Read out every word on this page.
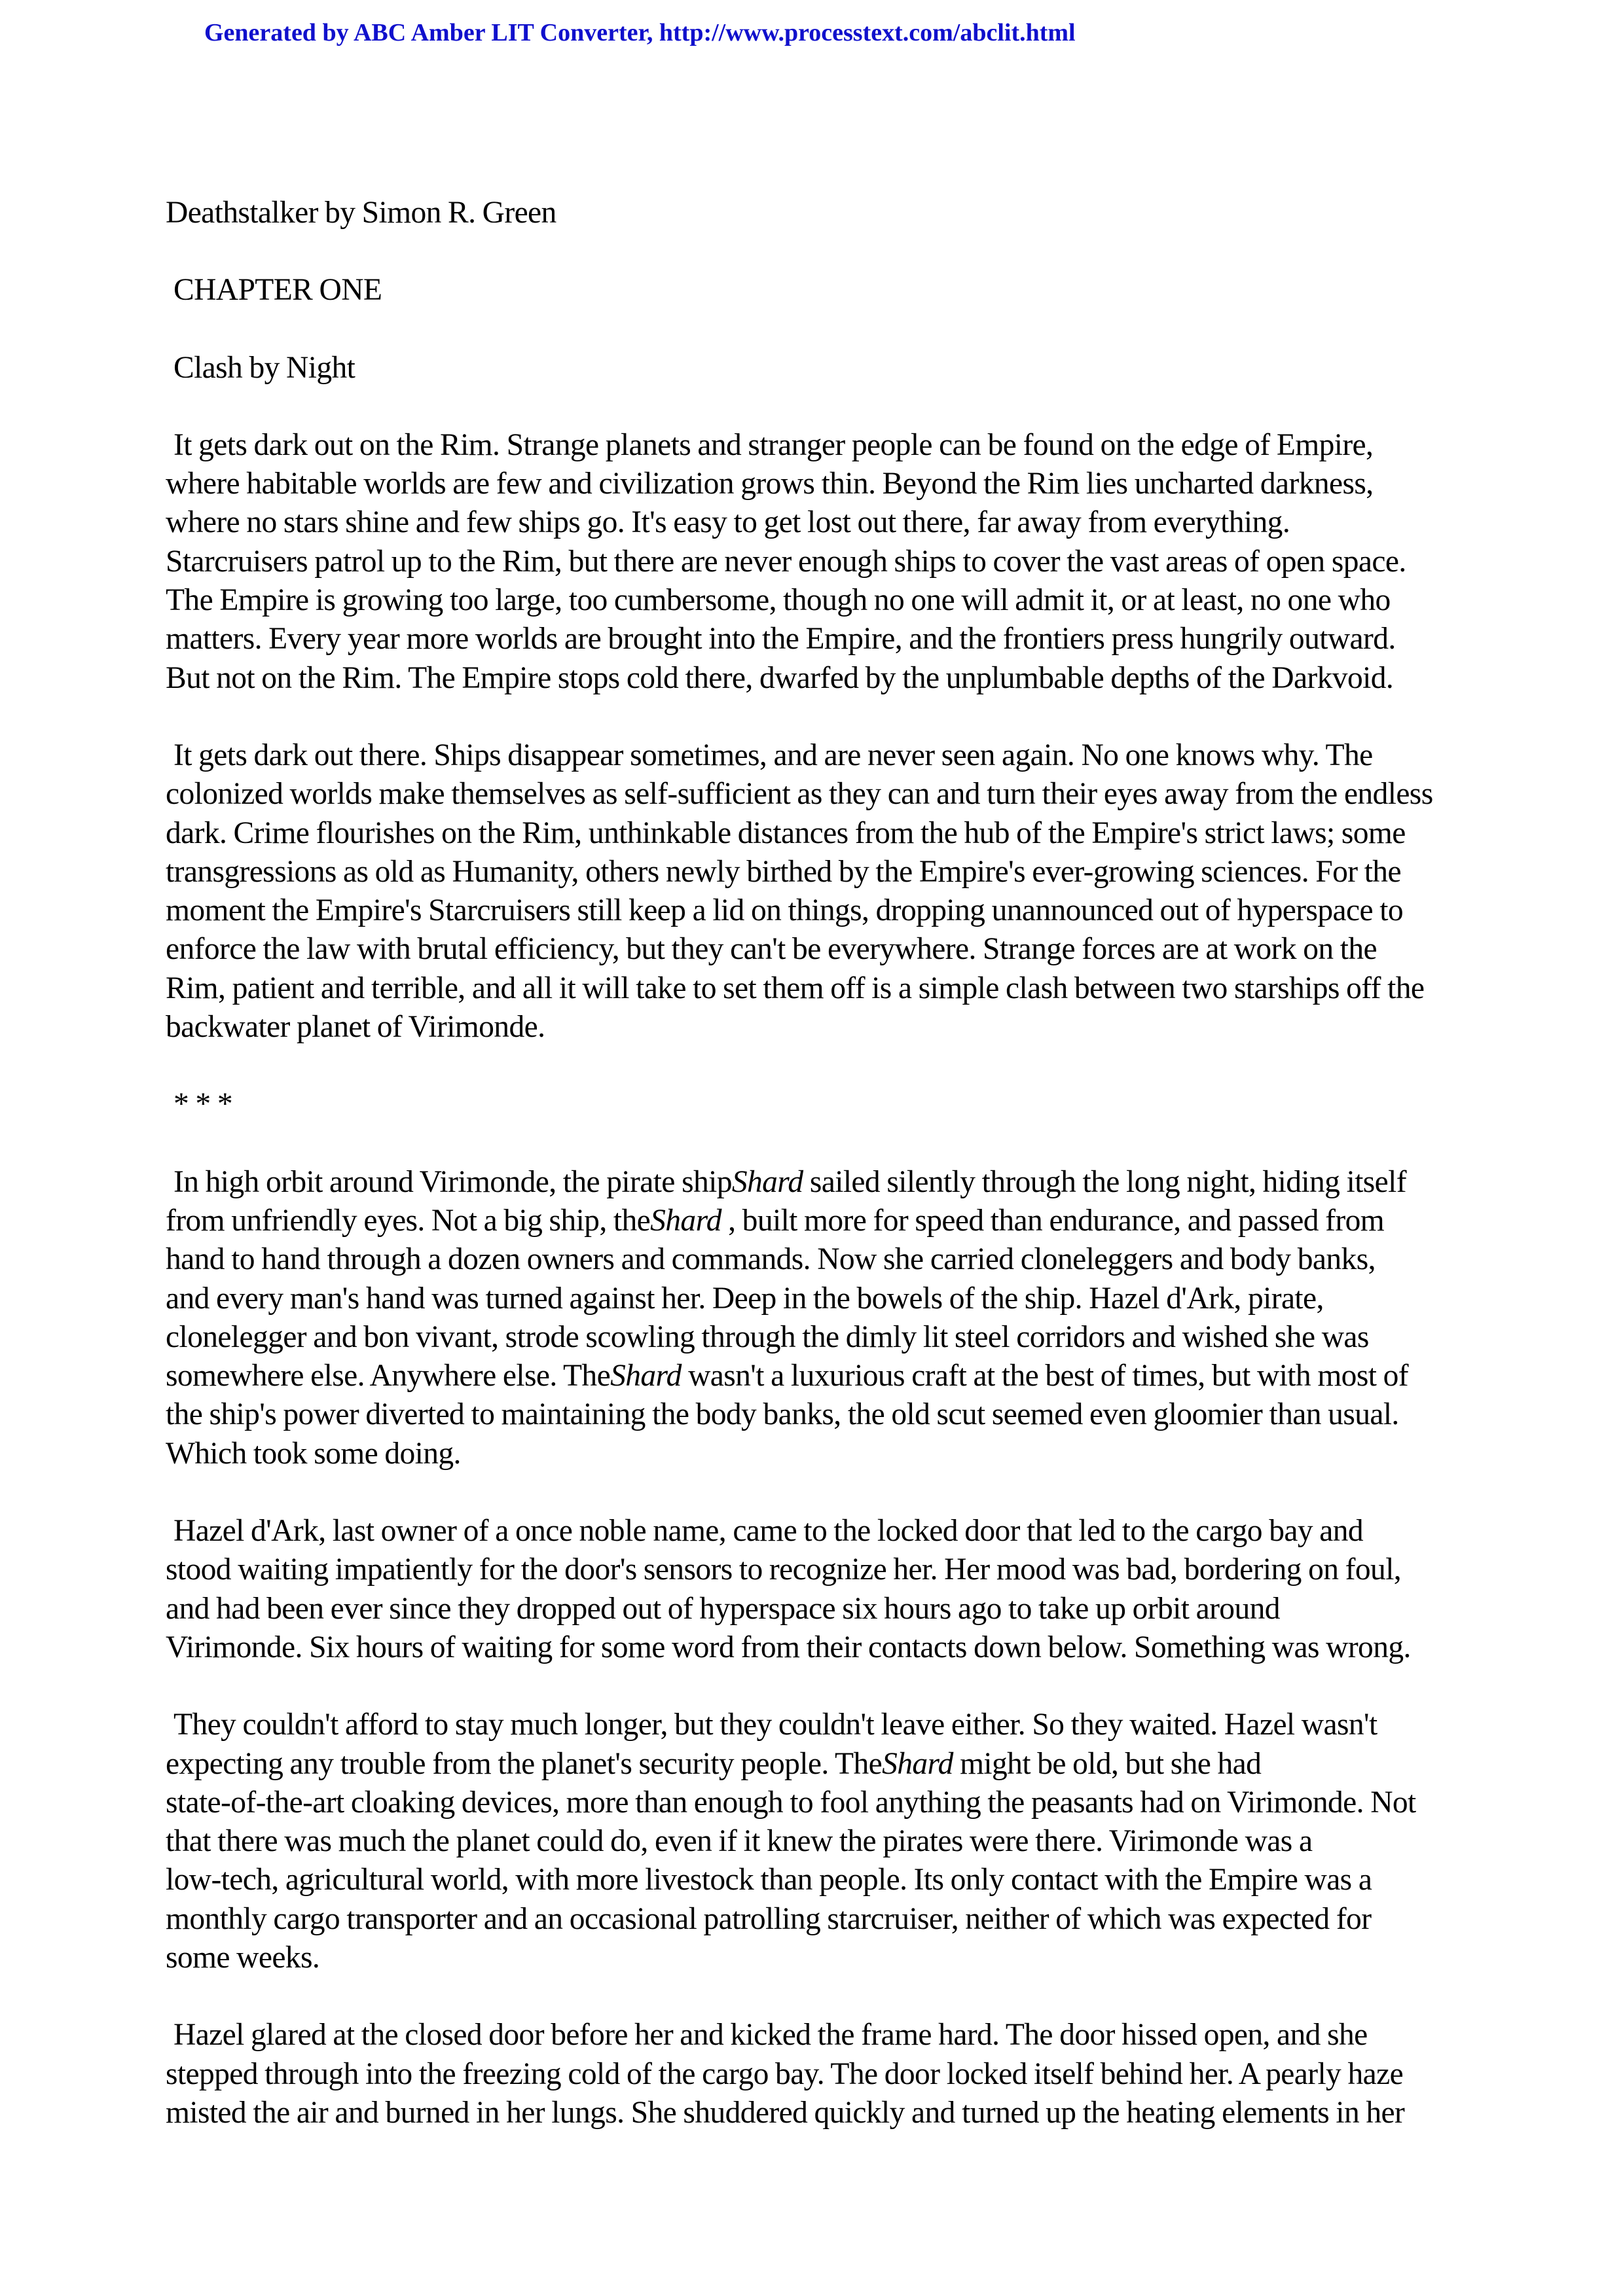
Generated by ABC Amber LIT Converter, http://www.processtext.com/abclit.html

Deathstalker by Simon R. Green

CHAPTER ONE

Clash by Night

It gets dark out on the Rim. Strange planets and stranger people can be found on the edge of Empire,

where habitable worlds are few and civilization grows thin. Beyond the Rim lies uncharted darkness,

where no stars shine and few ships go. It's easy to get lost out there, far away from everything.

Starcruisers patrol up to the Rim, but there are never enough ships to cover the vast areas of open space.

The Empire is growing too large, too cumbersome, though no one will admit it, or at least, no one who

matters. Every year more worlds are brought into the Empire, and the frontiers press hungrily outward.

But not on the Rim. The Empire stops cold there, dwarfed by the unplumbable depths of the Darkvoid.

It gets dark out there. Ships disappear sometimes, and are never seen again. No one knows why. The

colonized worlds make themselves as self-sufficient as they can and turn their eyes away from the endless

dark. Crime flourishes on the Rim, unthinkable distances from the hub of the Empire's strict laws; some

transgressions as old as Humanity, others newly birthed by the Empire's ever-growing sciences. For the

moment the Empire's Starcruisers still keep a lid on things, dropping unannounced out of hyperspace to

enforce the law with brutal efficiency, but they can't be everywhere. Strange forces are at work on the

Rim, patient and terrible, and all it will take to set them off is a simple clash between two starships off the

backwater planet of Virimonde.

* * *

In high orbit around Virimonde, the pirate shipShard sailed silently through the long night, hiding itself

from unfriendly eyes. Not a big ship, theShard , built more for speed than endurance, and passed from

hand to hand through a dozen owners and commands. Now she carried cloneleggers and body banks,

and every man's hand was turned against her. Deep in the bowels of the ship. Hazel d'Ark, pirate,

clonelegger and bon vivant, strode scowling through the dimly lit steel corridors and wished she was

somewhere else. Anywhere else. TheShard wasn't a luxurious craft at the best of times, but with most of

the ship's power diverted to maintaining the body banks, the old scut seemed even gloomier than usual.

Which took some doing.

Hazel d'Ark, last owner of a once noble name, came to the locked door that led to the cargo bay and

stood waiting impatiently for the door's sensors to recognize her. Her mood was bad, bordering on foul,

and had been ever since they dropped out of hyperspace six hours ago to take up orbit around

Virimonde. Six hours of waiting for some word from their contacts down below. Something was wrong.

They couldn't afford to stay much longer, but they couldn't leave either. So they waited. Hazel wasn't

expecting any trouble from the planet's security people. TheShard might be old, but she had

state-of-the-art cloaking devices, more than enough to fool anything the peasants had on Virimonde. Not

that there was much the planet could do, even if it knew the pirates were there. Virimonde was a

low-tech, agricultural world, with more livestock than people. Its only contact with the Empire was a

monthly cargo transporter and an occasional patrolling starcruiser, neither of which was expected for

some weeks.

Hazel glared at the closed door before her and kicked the frame hard. The door hissed open, and she

stepped through into the freezing cold of the cargo bay. The door locked itself behind her. A pearly haze

misted the air and burned in her lungs. She shuddered quickly and turned up the heating elements in her
